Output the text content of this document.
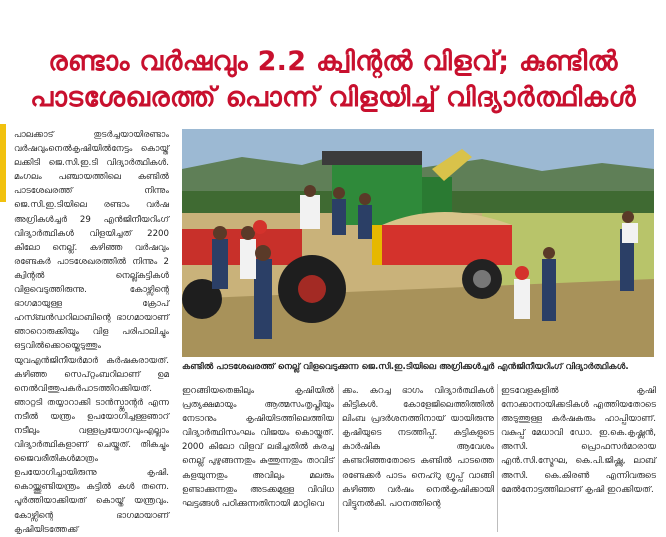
രണ്ടാം വർഷവും 2.2 ക്വിന്റൽ വിളവ്; കുണ്ടിൽ
പാടശേഖരത്ത് പൊന്ന് വിളയിച്ച് വിദ്യാർത്ഥികൾ

പാലക്കാട് തുടർച്ചയായിരണ്ടാം വർഷവുംനെൽകൃഷിയിൽനേട്ടം കൊയ്ത് ലക്കിടി ജെ.സി.ഇ.ടി വിദ്യാർത്ഥികൾ. മംഗലം പഞ്ചായത്തിലെ കണ്ടിൽ പാടശേഖരത്ത് നിന്നും ജെ.സി.ഇ.ടിയിലെ രണ്ടാം വർഷ അഗ്രികൾച്ചർ 29 എൻജിനീയറിംഗ് വിദ്യാർത്ഥികൾ വിളയിച്ചത് 2200 കിലോ നെല്ല്. കഴിഞ്ഞ വർഷവും രണ്ടേകർ പാടശേഖരത്തിൽ നിന്നും 2 ക്വിന്റൽ നെല്ല്കട്ടികൾ വിളവെടുത്തിരുന്നു. കോഴ്സിന്റെ ഭാഗമായുള്ള ക്രോപ് ഹസ്ബൻഡറിലാബിന്റെ ഭാഗമായാണ്‌ ഞാറൊരുക്കിയും വിള പരിപാലിച്ചും ഒട്ടവിൽക്കൊയ്തെടുത്തും യുവഎൻജിനീയർമാർ കർഷകരായത്. കഴിഞ്ഞ സെപ്റ്റംബറിലാണ് ഉമ നെൽവിത്തുപകർപാടത്തിറക്കിയത്. ഞാറ്റടി തയ്യാറാക്കി ടാൻസ്പ്ലാന്റർ എന്ന നടീൽ യന്ത്രം ഉപയോഗിച്ചള്ളഞാറ് നടീലും വള്ളപ്രയോഗവുംഎല്ലാം വിദ്യാർത്ഥികളാണ് ചെയ്തത്. തികച്ചും ജൈവരീതികൾമാത്രം ഉപയോഗിച്ചായിരുന്നു കൃഷി. കൊയ്ത്തുണ്ടിയന്ത്രം കട്ടിൽ കൾ തന്നെ. പൂർത്തിയാക്കിയത് കൊയ്ത് യന്ത്രവും. കോഴ്സിന്റെ ഭാഗമായാണ് കൃഷിയിടത്തേക്ക്

കണ്ടിൽ പാടശേഖരത്ത് നെല്ല് വിളവെടുക്കുന്ന ജെ.സി.ഇ.ടിയിലെ അഗ്രിക്കൾച്ചർ എൻജിനീയറിംഗ് വിദ്യാർത്ഥികൾ.

ഇറങ്ങിയതെങ്കിലും കൃഷിയിൽ പ്രത്യക്ഷമായും ആത്മസംതൃപ്തിയും നേടാനും കൃഷിയിടത്തിലെത്തിയ വിദ്യാർത്ഥിസംഘം വിജയം കൊയ്തത്. 2000 കിലോ വിളവ് ലഭിച്ചതിൽ കരച്ച നെല്ല് പുഴുങ്ങന്നതും കുത്തുന്നതും താവിട് കളയുന്നതും അവിലും മലരും ഉണ്ടാക്കുന്നതും അടക്കമുള്ള വിവിധ ഘട്ടങ്ങൾ പഠിക്കുന്നതിനായി മാറ്റിവെ

ക്കം. കറച്ച ഭാഗം വിദ്യാർത്ഥികൾ കിട്ടികൾ. കോളേജിലെത്തിത്തിൽ ലിംബ പ്രദർശനത്തിനായ് യായിരുന്നു കൃഷിയുടെ നടത്തിപ്പ്. കട്ടികളുടെ കാർഷിക ആവേശം കണ്ടറിഞ്ഞതോടെ കണ്ടിൽ പാടത്തെ രണ്ടേക്കർ പാടം നെഹ്റു ഗ്രൂപ്പ് വാങ്ങി കഴിഞ്ഞ വർഷം നെൽകൃഷിക്കായി വിട്ടുനൽകി. പഠനത്തിന്റെ

ഇടവേളകളിൽ കൃഷി നോക്കാനായിക്കടികൾ എത്തിയതോടെ അടുത്തുള്ള കർഷകരും ഹാപ്പിയാണ്. വകുപ്പ് മേധാവി ഡോ. ഇ.കെ.കൃഷ്ണൻ, അസി. പ്രൊഫസർമാരായ എൻ.സി.സ്മേഘ, കെ.പി.ജിഷ്ണു, ലാബ് അസി. കെ.കിരൺ എന്നിവരുടെ മേൽനോട്ടത്തിലാണ് കൃഷി ഇറക്കിയത്.
